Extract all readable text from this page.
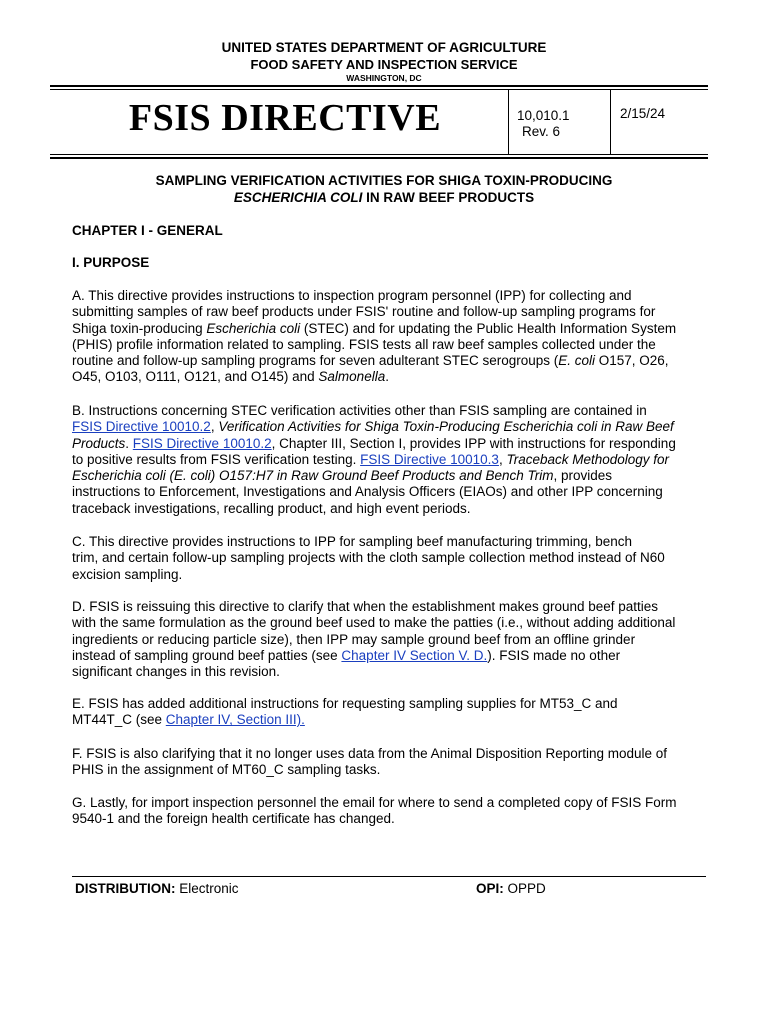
UNITED STATES DEPARTMENT OF AGRICULTURE
FOOD SAFETY AND INSPECTION SERVICE
WASHINGTON, DC
FSIS DIRECTIVE	10,010.1
Rev. 6
2/15/24
SAMPLING VERIFICATION ACTIVITIES FOR SHIGA TOXIN-PRODUCING
ESCHERICHIA COLI IN RAW BEEF PRODUCTS
CHAPTER I - GENERAL
I. PURPOSE
A. This directive provides instructions to inspection program personnel (IPP) for collecting and
submitting samples of raw beef products under FSIS' routine and follow-up sampling programs for
Shiga toxin-producing Escherichia coli (STEC) and for updating the Public Health Information System
(PHIS) profile information related to sampling. FSIS tests all raw beef samples collected under the
routine and follow-up sampling programs for seven adulterant STEC serogroups (E. coli O157, O26,
O45, O103, O111, O121, and O145) and Salmonella.
B. Instructions concerning STEC verification activities other than FSIS sampling are contained in
FSIS Directive 10010.2, Verification Activities for Shiga Toxin-Producing Escherichia coli in Raw Beef
Products. FSIS Directive 10010.2, Chapter III, Section I, provides IPP with instructions for responding
to positive results from FSIS verification testing. FSIS Directive 10010.3, Traceback Methodology for
Escherichia coli (E. coli) O157:H7 in Raw Ground Beef Products and Bench Trim, provides
instructions to Enforcement, Investigations and Analysis Officers (EIAOs) and other IPP concerning
traceback investigations, recalling product, and high event periods.
C. This directive provides instructions to IPP for sampling beef manufacturing trimming, bench
trim, and certain follow-up sampling projects with the cloth sample collection method instead of N60
excision sampling.
D. FSIS is reissuing this directive to clarify that when the establishment makes ground beef patties
with the same formulation as the ground beef used to make the patties (i.e., without adding additional
ingredients or reducing particle size), then IPP may sample ground beef from an offline grinder
instead of sampling ground beef patties (see Chapter IV Section V. D.). FSIS made no other
significant changes in this revision.
E. FSIS has added additional instructions for requesting sampling supplies for MT53_C and
MT44T_C (see Chapter IV, Section III).
F. FSIS is also clarifying that it no longer uses data from the Animal Disposition Reporting module of
PHIS in the assignment of MT60_C sampling tasks.
G. Lastly, for import inspection personnel the email for where to send a completed copy of FSIS Form
9540-1 and the foreign health certificate has changed.
DISTRIBUTION: Electronic	OPI: OPPD
